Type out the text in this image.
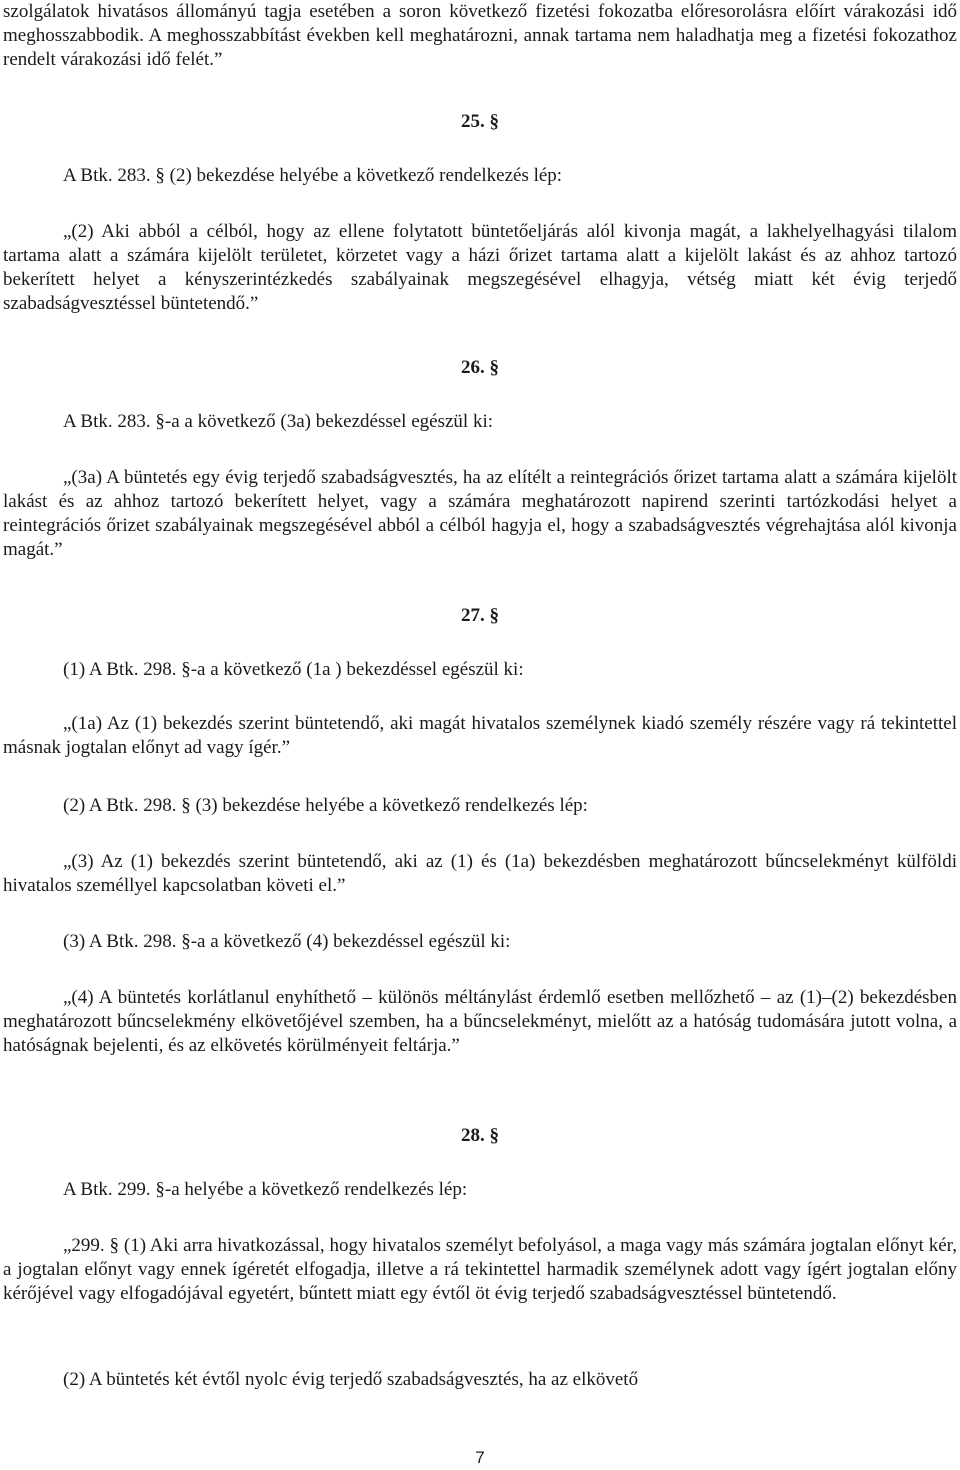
szolgálatok hivatásos állományú tagja esetében a soron következő fizetési fokozatba előresorolásra előírt várakozási idő meghosszabbodik. A meghosszabbítást években kell meghatározni, annak tartama nem haladhatja meg a fizetési fokozathoz rendelt várakozási idő felét.”
25. §
A Btk. 283. § (2) bekezdése helyébe a következő rendelkezés lép:
„(2) Aki abból a célból, hogy az ellene folytatott büntetőeljárás alól kivonja magát, a lakhelyelhagyási tilalom tartama alatt a számára kijelölt területet, körzetet vagy a házi őrizet tartama alatt a kijelölt lakást és az ahhoz tartozó bekerített helyet a kényszerintézkedés szabályainak megszegésével elhagyja, vétség miatt két évig terjedő szabadságvesztéssel büntetendő.”
26. §
A Btk. 283. §-a a következő (3a) bekezdéssel egészül ki:
„(3a) A büntetés egy évig terjedő szabadságvesztés, ha az elítélt a reintegrációs őrizet tartama alatt a számára kijelölt lakást és az ahhoz tartozó bekerített helyet, vagy a számára meghatározott napirend szerinti tartózkodási helyet a reintegrációs őrizet szabályainak megszegésével abból a célból hagyja el, hogy a szabadságvesztés végrehajtása alól kivonja magát.”
27. §
(1) A Btk. 298. §-a a következő (1a ) bekezdéssel egészül ki:
„(1a) Az (1) bekezdés szerint büntetendő, aki magát hivatalos személynek kiadó személy részére vagy rá tekintettel másnak jogtalan előnyt ad vagy ígér.”
(2) A Btk. 298. § (3) bekezdése helyébe a következő rendelkezés lép:
„(3) Az (1) bekezdés szerint büntetendő, aki az (1) és (1a) bekezdésben meghatározott bűncselekményt külföldi hivatalos személlyel kapcsolatban követi el.”
(3) A Btk. 298. §-a a következő (4) bekezdéssel egészül ki:
„(4) A büntetés korlátlanul enyhíthető – különös méltánylást érdemlő esetben mellőzhető – az (1)–(2) bekezdésben meghatározott bűncselekmény elkövetőjével szemben, ha a bűncselekményt, mielőtt az a hatóság tudomására jutott volna, a hatóságnak bejelenti, és az elkövetés körülményeit feltárja.”
28. §
A Btk. 299. §-a helyébe a következő rendelkezés lép:
„299. § (1) Aki arra hivatkozással, hogy hivatalos személyt befolyásol, a maga vagy más számára jogtalan előnyt kér, a jogtalan előnyt vagy ennek ígéretét elfogadja, illetve a rá tekintettel harmadik személynek adott vagy ígért jogtalan előny kérőjével vagy elfogadójával egyetért, bűntett miatt egy évtől öt évig terjedő szabadságvesztéssel büntetendő.
(2) A büntetés két évtől nyolc évig terjedő szabadságvesztés, ha az elkövető
7
